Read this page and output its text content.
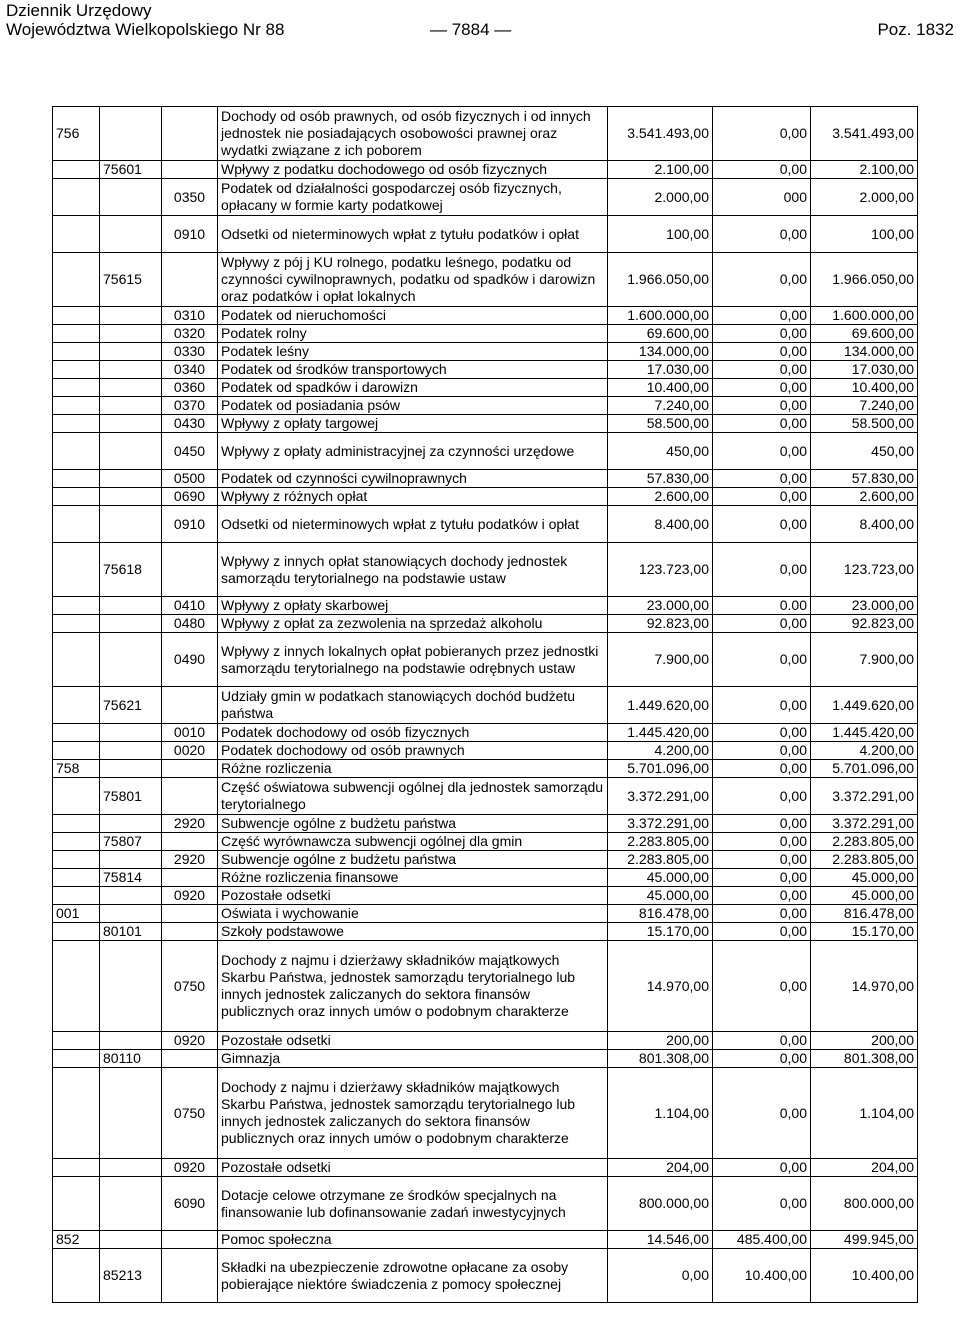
Dziennik Urzędowy
Województwa Wielkopolskiego Nr 88	— 7884 —	Poz. 1832
756			Dochody od osób prawnych, od osób fizycznych i od innych jednostek nie posiadających osobowości prawnej oraz wydatki związane z ich poborem	3.541.493,00	0,00	3.541.493,00
	75601		Wpływy z podatku dochodowego od osób fizycznych	2.100,00	0,00	2.100,00
		0350	Podatek od działalności gospodarczej osób fizycznych, opłacany w formie karty podatkowej	2.000,00	000	2.000,00
		0910	Odsetki od nieterminowych wpłat z tytułu podatków i opłat	100,00	0,00	100,00
	75615		Wpływy z pój j KU rolnego, podatku leśnego, podatku od czynności cywilnoprawnych, podatku od spadków i darowizn oraz podatków i opłat lokalnych	1.966.050,00	0,00	1.966.050,00
		0310	Podatek od nieruchomości	1.600.000,00	0,00	1.600.000,00
		0320	Podatek rolny	69.600,00	0,00	69.600,00
		0330	Podatek leśny	134.000,00	0,00	134.000,00
		0340	Podatek od środków transportowych	17.030,00	0,00	17.030,00
		0360	Podatek od spadków i darowizn	10.400,00	0,00	10.400,00
		0370	Podatek od posiadania psów	7.240,00	0,00	7.240,00
		0430	Wpływy z opłaty targowej	58.500,00	0,00	58.500,00
		0450	Wpływy z opłaty administracyjnej za czynności urzędowe	450,00	0,00	450,00
		0500	Podatek od czynności cywilnoprawnych	57.830,00	0,00	57.830,00
		0690	Wpływy z różnych opłat	2.600,00	0,00	2.600,00
		0910	Odsetki od nieterminowych wpłat z tytułu podatków i opłat	8.400,00	0,00	8.400,00
	75618		Wpływy z innych opłat stanowiących dochody jednostek samorządu terytorialnego na podstawie ustaw	123.723,00	0,00	123.723,00
		0410	Wpływy z opłaty skarbowej	23.000,00	0.00	23.000,00
		0480	Wpływy z opłat za zezwolenia na sprzedaż alkoholu	92.823,00	0,00	92.823,00
		0490	Wpływy z innych lokalnych opłat pobieranych przez jednostki samorządu terytorialnego na podstawie odrębnych ustaw	7.900,00	0,00	7.900,00
	75621		Udziały gmin w podatkach stanowiących dochód budżetu państwa	1.449.620,00	0,00	1.449.620,00
		0010	Podatek dochodowy od osób fizycznych	1.445.420,00	0,00	1.445.420,00
		0020	Podatek dochodowy od osób prawnych	4.200,00	0,00	4.200,00
758			Różne rozliczenia	5.701.096,00	0,00	5.701.096,00
	75801		Część oświatowa subwencji ogólnej dla jednostek samorządu terytorialnego	3.372.291,00	0,00	3.372.291,00
		2920	Subwencje ogólne z budżetu państwa	3.372.291,00	0,00	3.372.291,00
	75807		Część wyrównawcza subwencji ogólnej dla gmin	2.283.805,00	0,00	2.283.805,00
		2920	Subwencje ogólne z budżetu państwa	2.283.805,00	0,00	2.283.805,00
	75814		Różne rozliczenia finansowe	45.000,00	0,00	45.000,00
		0920	Pozostałe odsetki	45.000,00	0,00	45.000,00
001			Oświata i wychowanie	816.478,00	0,00	816.478,00
	80101		Szkoły podstawowe	15.170,00	0,00	15.170,00
		0750	Dochody z najmu i dzierżawy składników majątkowych Skarbu Państwa, jednostek samorządu terytorialnego lub innych jednostek zaliczanych do sektora finansów publicznych oraz innych umów o podobnym charakterze	14.970,00	0,00	14.970,00
		0920	Pozostałe odsetki	200,00	0,00	200,00
	80110		Gimnazja	801.308,00	0,00	801.308,00
		0750	Dochody z najmu i dzierżawy składników majątkowych Skarbu Państwa, jednostek samorządu terytorialnego lub innych jednostek zaliczanych do sektora finansów publicznych oraz innych umów o podobnym charakterze	1.104,00	0,00	1.104,00
		0920	Pozostałe odsetki	204,00	0,00	204,00
		6090	Dotacje celowe otrzymane ze środków specjalnych na finansowanie lub dofinansowanie zadań inwestycyjnych	800.000,00	0,00	800.000,00
852			Pomoc społeczna	14.546,00	485.400,00	499.945,00
	85213		Składki na ubezpieczenie zdrowotne opłacane za osoby pobierające niektóre świadczenia z pomocy społecznej	0,00	10.400,00	10.400,00
